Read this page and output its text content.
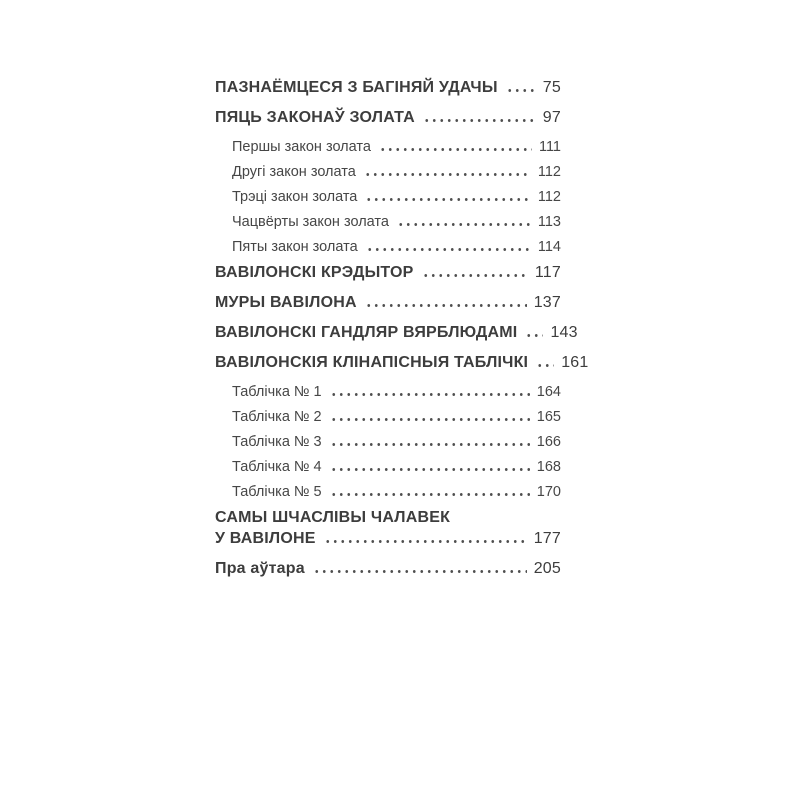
ПАЗНАЁМЦЕСЯ З БАГІНЯЙ УДАЧЫ	75
ПЯЦЬ ЗАКОНАЎ ЗОЛАТА	97
Першы закон золата	111
Другі закон золата	112
Трэці закон золата	112
Чацвёрты закон золата	113
Пяты закон золата	114
ВАВІЛОНСКІ КРЭДЫТОР	117
МУРЫ ВАВІЛОНА	137
ВАВІЛОНСКІ ГАНДЛЯР ВЯРБЛЮДАМІ 143
ВАВІЛОНСКІЯ КЛІНАПІСНЫЯ ТАБЛІЧКІ 161
Таблічка № 1	164
Таблічка № 2	165
Таблічка № 3	166
Таблічка № 4	168
Таблічка № 5	170
САМЫ ШЧАСЛІВЫ ЧАЛАВЕК
У ВАВІЛОНЕ	177
Пра аўтара	205
